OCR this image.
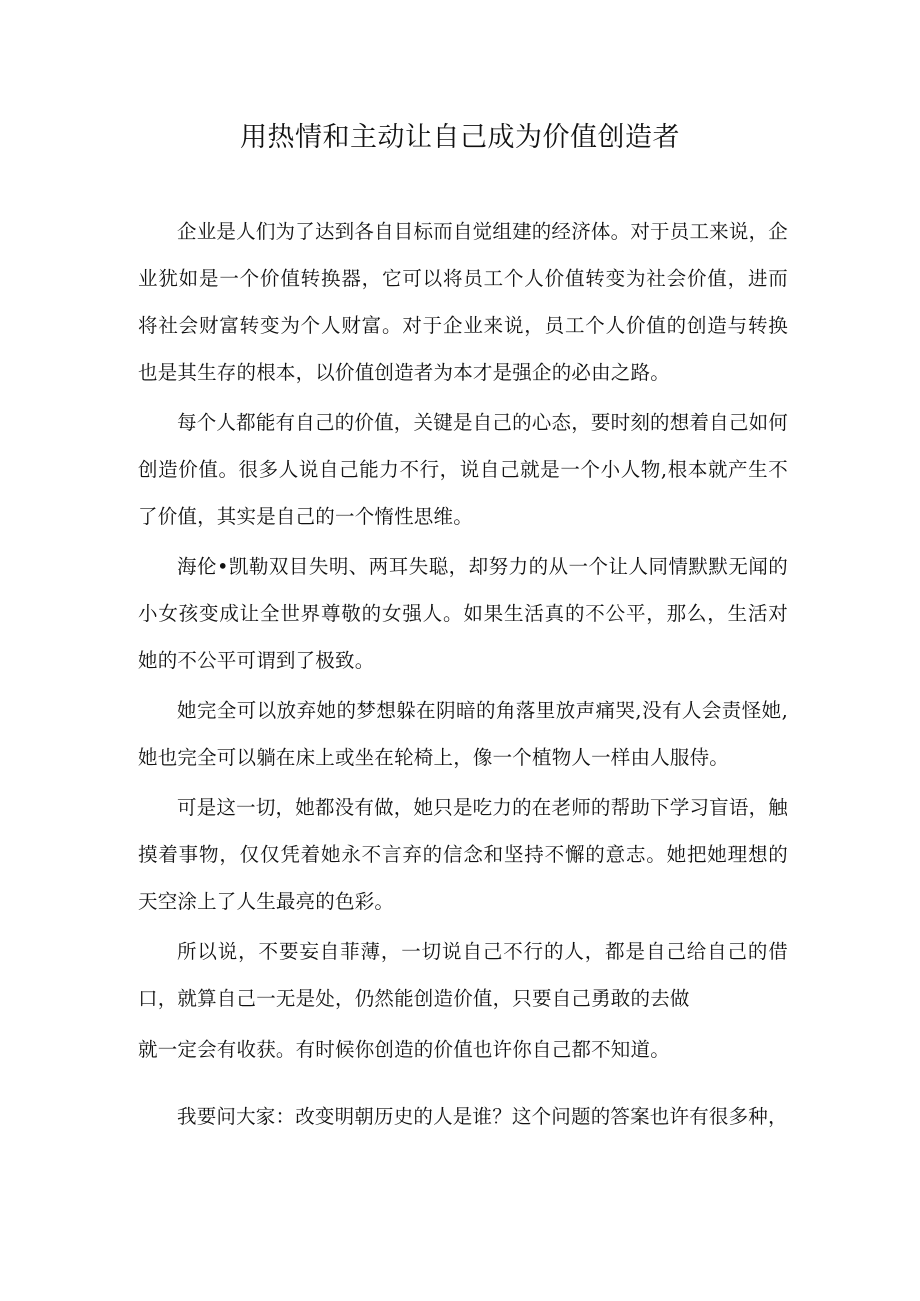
用热情和主动让自己成为价值创造者

企业是人们为了达到各自目标而自觉组建的经济体。对于员工来说，企业犹如是一个价值转换器，它可以将员工个人价值转变为社会价值，进而将社会财富转变为个人财富。对于企业来说，员工个人价值的创造与转换也是其生存的根本，以价值创造者为本才是强企的必由之路。

每个人都能有自己的价值，关键是自己的心态，要时刻的想着自己如何创造价值。很多人说自己能力不行，说自己就是一个小人物,根本就产生不了价值，其实是自己的一个惰性思维。

海伦•凯勒双目失明、两耳失聪，却努力的从一个让人同情默默无闻的小女孩变成让全世界尊敬的女强人。如果生活真的不公平，那么，生活对她的不公平可谓到了极致。

她完全可以放弃她的梦想躲在阴暗的角落里放声痛哭,没有人会责怪她,她也完全可以躺在床上或坐在轮椅上，像一个植物人一样由人服侍。

可是这一切，她都没有做，她只是吃力的在老师的帮助下学习盲语，触摸着事物，仅仅凭着她永不言弃的信念和坚持不懈的意志。她把她理想的天空涂上了人生最亮的色彩。

所以说，不要妄自菲薄，一切说自己不行的人，都是自己给自己的借口，就算自己一无是处，仍然能创造价值，只要自己勇敢的去做

就一定会有收获。有时候你创造的价值也许你自己都不知道。

我要问大家：改变明朝历史的人是谁？这个问题的答案也许有很多种，
